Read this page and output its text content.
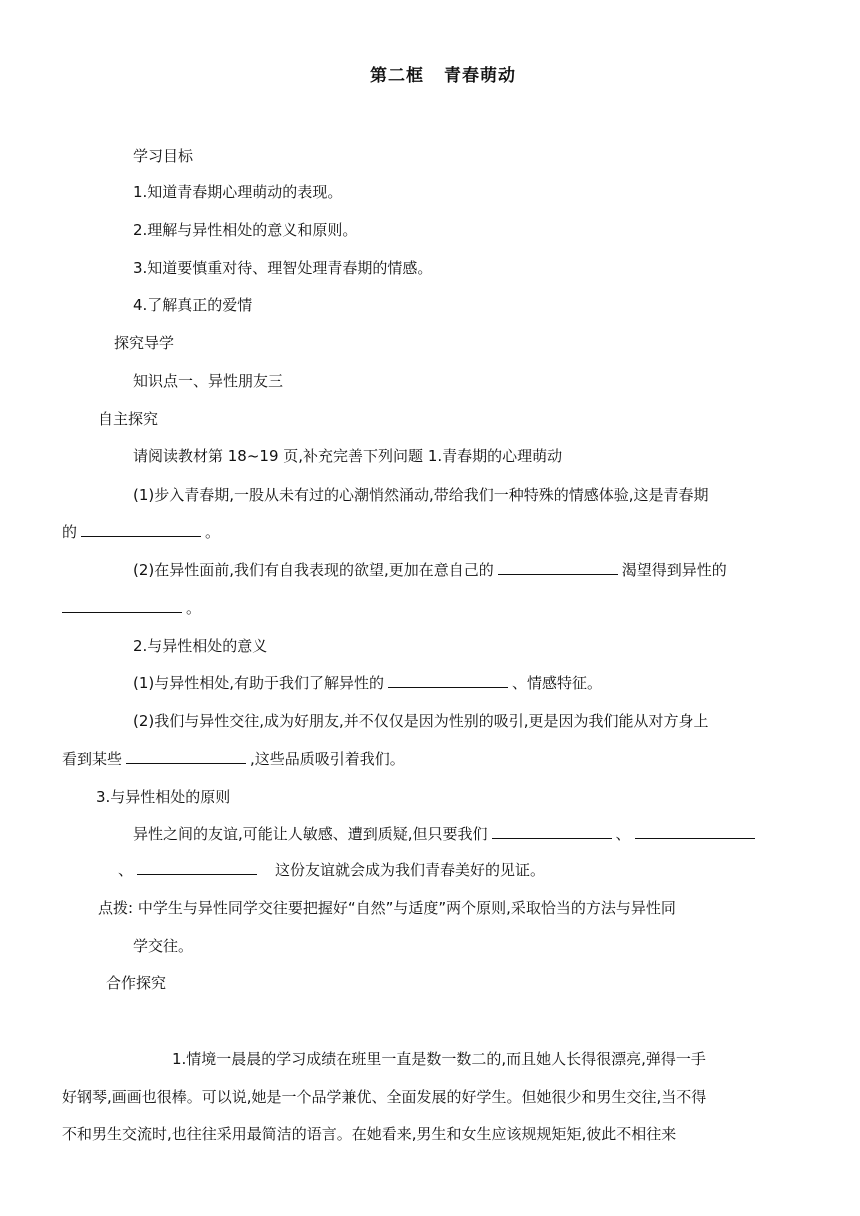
第二框 青春萌动
学习目标
1.知道青春期心理萌动的表现。
2.理解与异性相处的意义和原则。
3.知道要慎重对待、理智处理青春期的情感。
4.了解真正的爱情
探究导学
知识点一、异性朋友三
自主探究
请阅读教材第 18~19 页,补充完善下列问题 1.青春期的心理萌动
(1)步入青春期,一股从未有过的心潮悄然涌动,带给我们一种特殊的情感体验,这是青春期
的	。
(2)在异性面前,我们有自我表现的欲望,更加在意自己的	渴望得到异性的
。
2.与异性相处的意义
(1)与异性相处,有助于我们了解异性的	、情感特征。
(2)我们与异性交往,成为好朋友,并不仅仅是因为性别的吸引,更是因为我们能从对方身上
看到某些	,这些品质吸引着我们。
3.与异性相处的原则
异性之间的友谊,可能让人敏感、遭到质疑,但只要我们	、
、	这份友谊就会成为我们青春美好的见证。
点拨: 中学生与异性同学交往要把握好“自然”与适度”两个原则,采取恰当的方法与异性同
学交往。
合作探究
1.情境一晨晨的学习成绩在班里一直是数一数二的,而且她人长得很漂亮,弹得一手
好钢琴,画画也很棒。可以说,她是一个品学兼优、全面发展的好学生。但她很少和男生交往,当不得
不和男生交流时,也往往采用最简洁的语言。在她看来,男生和女生应该规规矩矩,彼此不相往来
